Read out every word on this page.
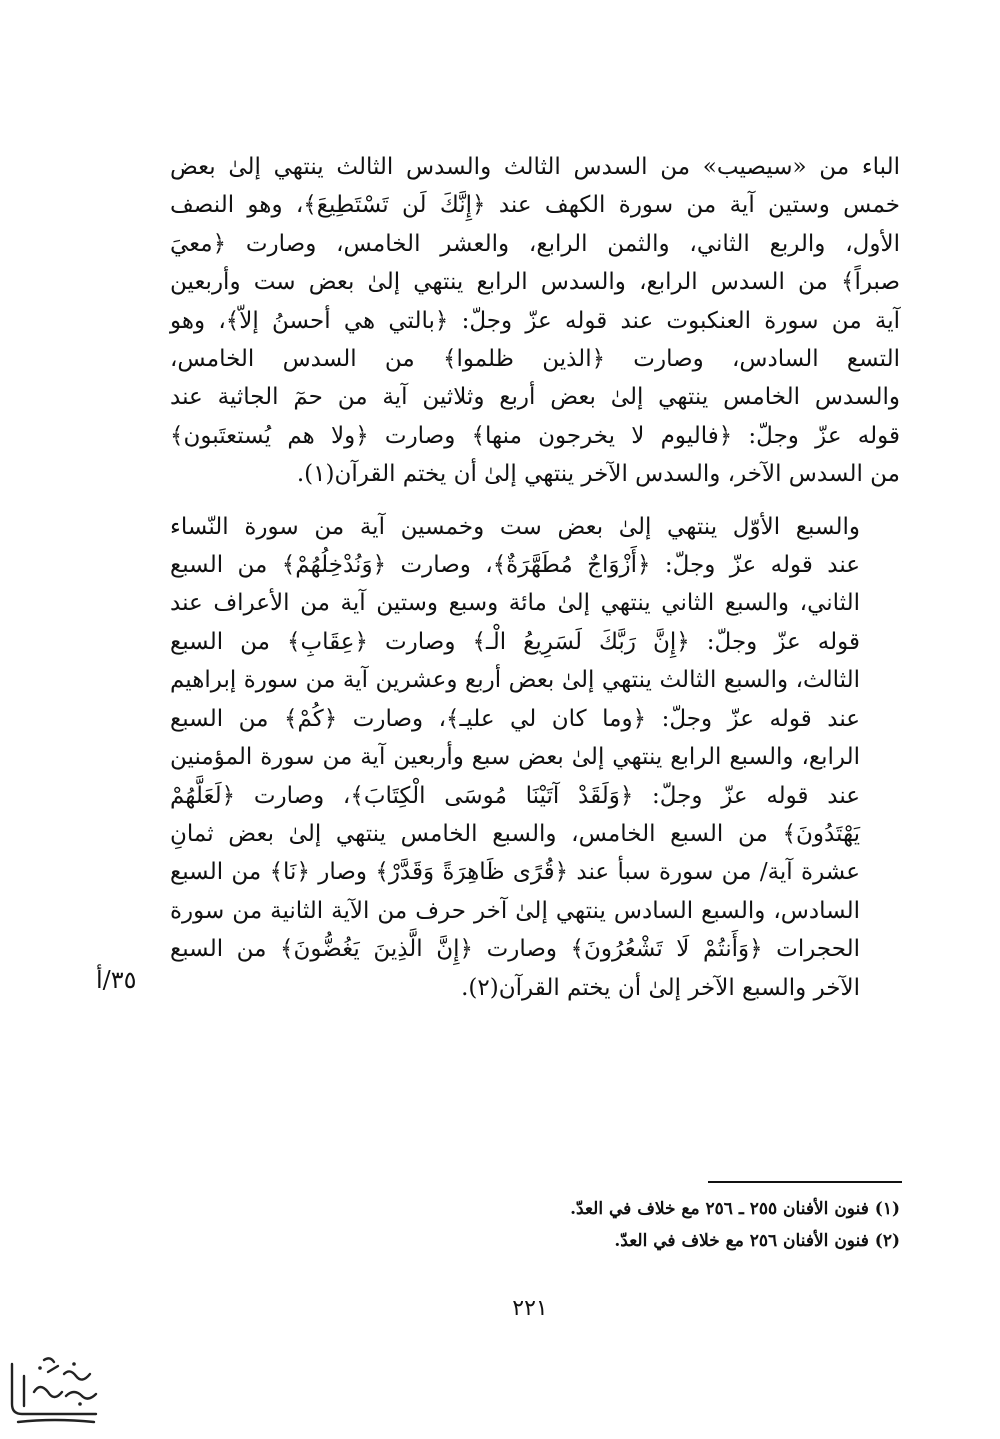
الباء من «سيصيب» من السدس الثالث والسدس الثالث ينتهي إلىٰ بعض
خمس وستين آية من سورة الكهف عند ﴿إِنَّكَ لَن تَسْتَطِيعَ﴾، وهو النصف
الأول، والربع الثاني، والثمن الرابع، والعشر الخامس، وصارت ﴿معيَ
صبراً﴾ من السدس الرابع، والسدس الرابع ينتهي إلىٰ بعض ست وأربعين
آية من سورة العنكبوت عند قوله عزّ وجلّ: ﴿بالتي هي أحسنُ إلاّ﴾، وهو
التسع السادس، وصارت ﴿الذين ظلموا﴾ من السدس الخامس،
والسدس الخامس ينتهي إلىٰ بعض أربع وثلاثين آية من حمٓ الجاثية عند
قوله عزّ وجلّ: ﴿فاليوم لا يخرجون منها﴾ وصارت ﴿ولا هم يُستعتَبون﴾
من السدس الآخر، والسدس الآخر ينتهي إلىٰ أن يختم القرآن(١).

والسبع الأوّل ينتهي إلىٰ بعض ست وخمسين آية من سورة النّساء
عند قوله عزّ وجلّ: ﴿أَزْوَاجٌ مُطَهَّرَةٌ﴾، وصارت ﴿وَنُدْخِلُهُمْ﴾ من السبع
الثاني، والسبع الثاني ينتهي إلىٰ مائة وسبع وستين آية من الأعراف عند
قوله عزّ وجلّ: ﴿إِنَّ رَبَّكَ لَسَرِيعُ الْـ﴾ وصارت ﴿عِقَابِ﴾ من السبع
الثالث، والسبع الثالث ينتهي إلىٰ بعض أربع وعشرين آية من سورة إبراهيم
عند قوله عزّ وجلّ: ﴿وما كان لي عليـ﴾، وصارت ﴿كُمْ﴾ من السبع
الرابع، والسبع الرابع ينتهي إلىٰ بعض سبع وأربعين آية من سورة المؤمنين
عند قوله عزّ وجلّ: ﴿وَلَقَدْ آتَيْنَا مُوسَى الْكِتَابَ﴾، وصارت ﴿لَعَلَّهُمْ
يَهْتَدُونَ﴾ من السبع الخامس، والسبع الخامس ينتهي إلىٰ بعض ثمانِ
عشرة آية/ من سورة سبأ عند ﴿قُرًى ظَاهِرَةً وَقَدَّرْ﴾ وصار ﴿نَا﴾ من السبع
السادس، والسبع السادس ينتهي إلىٰ آخر حرف من الآية الثانية من سورة
الحجرات ﴿وَأَنتُمْ لَا تَشْعُرُونَ﴾ وصارت ﴿إِنَّ الَّذِينَ يَغُضُّونَ﴾ من السبع
الآخر والسبع الآخر إلىٰ أن يختم القرآن(٢).

٣٥/أ
(١) فنون الأفنان ٢٥٥ ـ ٢٥٦ مع خلاف في العدّ.
(٢) فنون الأفنان ٢٥٦ مع خلاف في العدّ.
٢٢١
